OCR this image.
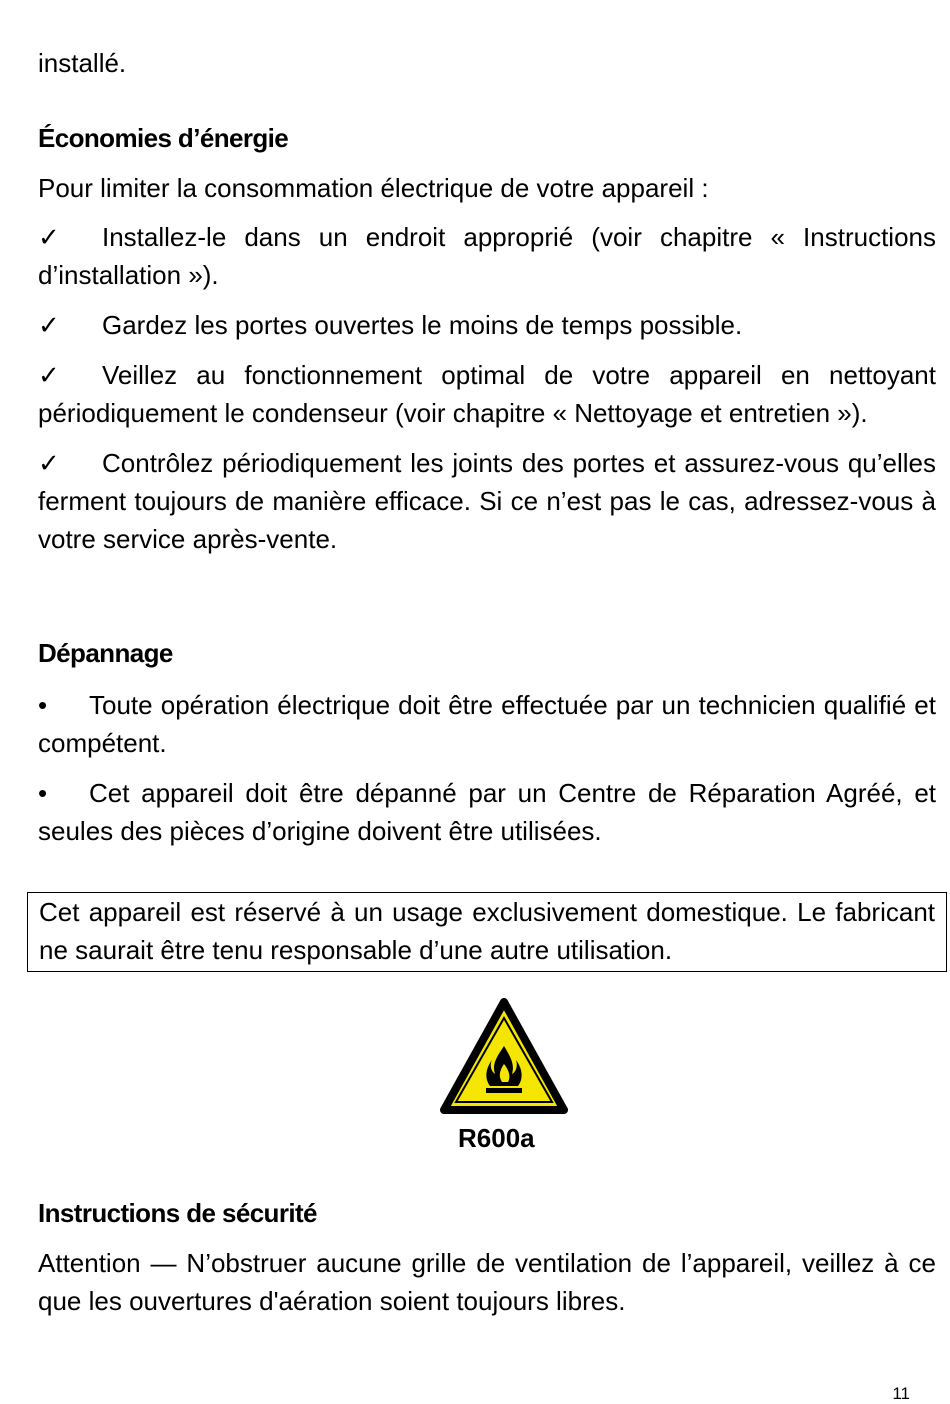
installé.

Économies d’énergie

Pour limiter la consommation électrique de votre appareil :

✓ Installez-le dans un endroit approprié (voir chapitre « Instructions d’installation »).

✓ Gardez les portes ouvertes le moins de temps possible.

✓ Veillez au fonctionnement optimal de votre appareil en nettoyant périodiquement le condenseur (voir chapitre « Nettoyage et entretien »).

✓ Contrôlez périodiquement les joints des portes et assurez-vous qu’elles ferment toujours de manière efficace. Si ce n’est pas le cas, adressez-vous à votre service après-vente.

Dépannage

• Toute opération électrique doit être effectuée par un technicien qualifié et compétent.

• Cet appareil doit être dépanné par un Centre de Réparation Agréé, et seules des pièces d’origine doivent être utilisées.

Cet appareil est réservé à un usage exclusivement domestique. Le fabricant ne saurait être tenu responsable d’une autre utilisation.
R600a

Instructions de sécurité

Attention — N’obstruer aucune grille de ventilation de l’appareil, veillez à ce que les ouvertures d'aération soient toujours libres.

11
